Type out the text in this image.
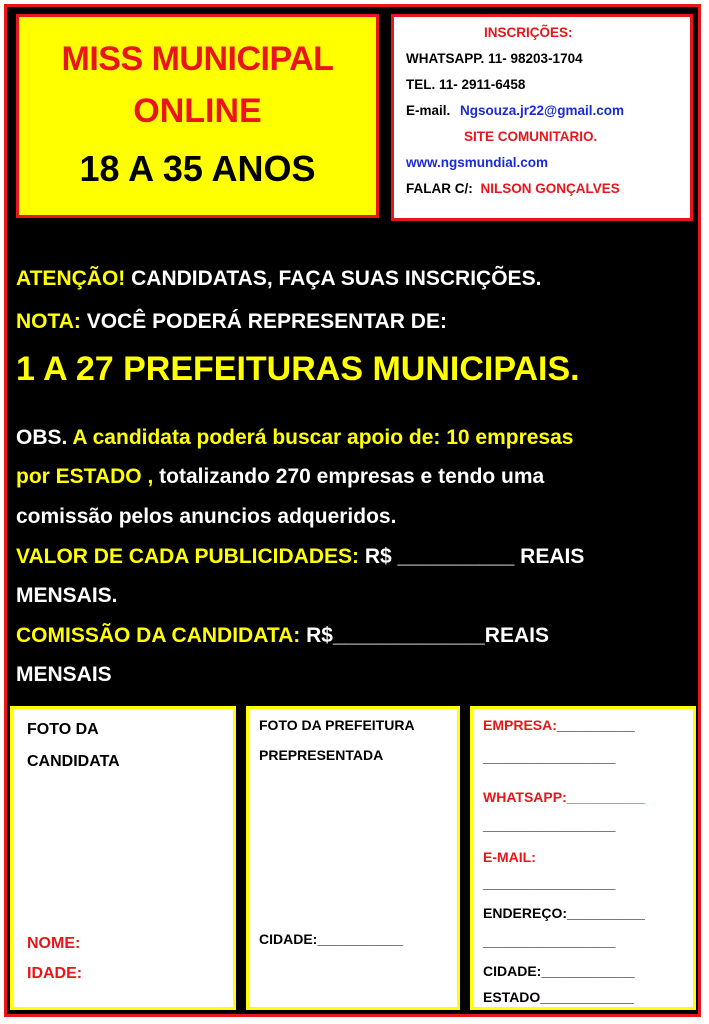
MISS MUNICIPAL
ONLINE
18 A 35 ANOS
INSCRIÇÕES:
WHATSAPP. 11- 98203-1704
TEL. 11- 2911-6458
E-mail. Ngsouza.jr22@gmail.com
SITE COMUNITARIO.
www.ngsmundial.com
FALAR C/: NILSON GONÇALVES
ATENÇÃO! CANDIDATAS, FAÇA SUAS INSCRIÇÕES.
NOTA: VOCÊ PODERÁ REPRESENTAR DE:
1 A 27 PREFEITURAS MUNICIPAIS.
OBS. A candidata poderá buscar apoio de: 10 empresas
por ESTADO , totalizando 270 empresas e tendo uma
comissão pelos anuncios adqueridos.
VALOR DE CADA PUBLICIDADES: R$ __________ REAIS
MENSAIS.
COMISSÃO DA CANDIDATA: R$_____________REAIS
MENSAIS
FOTO DA
CANDIDATA
NOME:
IDADE:
FOTO DA PREFEITURA
PREPRESENTADA
CIDADE:___________
EMPRESA:__________
_________________
WHATSAPP:__________
_________________
E-MAIL:
_________________
ENDEREÇO:__________
_________________
CIDADE:____________
ESTADO____________
